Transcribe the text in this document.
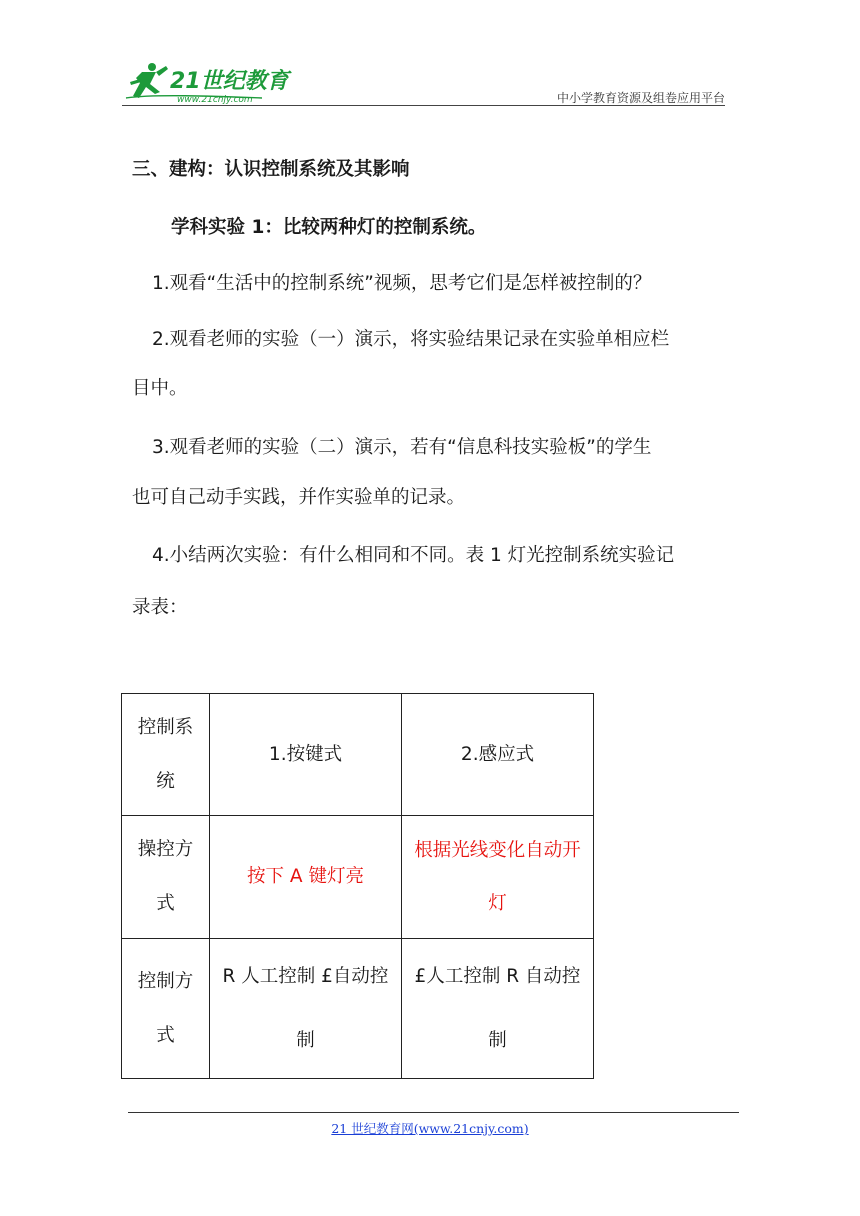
21世纪教育
www.21cnjy.com	中小学教育资源及组卷应用平台
三、建构：认识控制系统及其影响
学科实验 1：比较两种灯的控制系统。
1.观看“生活中的控制系统”视频，思考它们是怎样被控制的？
2.观看老师的实验（一）演示，将实验结果记录在实验单相应栏
目中。
3.观看老师的实验（二）演示，若有“信息科技实验板”的学生
也可自己动手实践，并作实验单的记录。
4.小结两次实验：有什么相同和不同。表 1 灯光控制系统实验记
录表：
控制系统	1.按键式	2.感应式
操控方式	按下 A 键灯亮	根据光线变化自动开灯
控制方式	R 人工控制 £自动控制	£人工控制 R 自动控制
21 世纪教育网(www.21cnjy.com)
